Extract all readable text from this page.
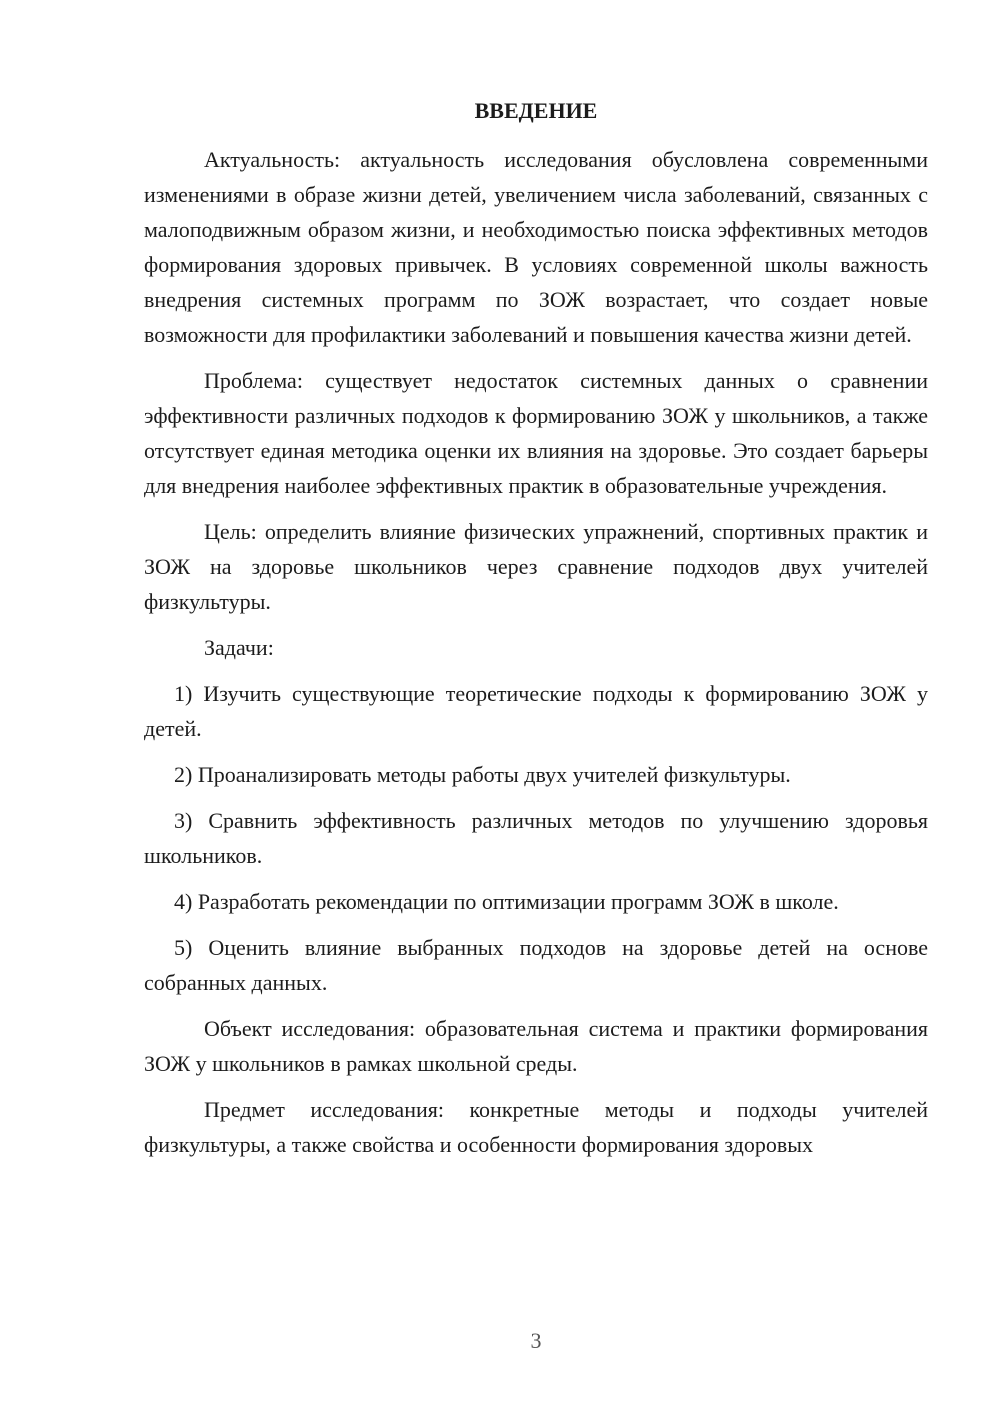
ВВЕДЕНИЕ

Актуальность: актуальность исследования обусловлена современными изменениями в образе жизни детей, увеличением числа заболеваний, связанных с малоподвижным образом жизни, и необходимостью поиска эффективных методов формирования здоровых привычек. В условиях современной школы важность внедрения системных программ по ЗОЖ возрастает, что создает новые возможности для профилактики заболеваний и повышения качества жизни детей.

Проблема: существует недостаток системных данных о сравнении эффективности различных подходов к формированию ЗОЖ у школьников, а также отсутствует единая методика оценки их влияния на здоровье. Это создает барьеры для внедрения наиболее эффективных практик в образовательные учреждения.

Цель: определить влияние физических упражнений, спортивных практик и ЗОЖ на здоровье школьников через сравнение подходов двух учителей физкультуры.

Задачи:

1) Изучить существующие теоретические подходы к формированию ЗОЖ у детей.

2) Проанализировать методы работы двух учителей физкультуры.

3) Сравнить эффективность различных методов по улучшению здоровья школьников.

4) Разработать рекомендации по оптимизации программ ЗОЖ в школе.

5) Оценить влияние выбранных подходов на здоровье детей на основе собранных данных.

Объект исследования: образовательная система и практики формирования ЗОЖ у школьников в рамках школьной среды.

Предмет исследования: конкретные методы и подходы учителей физкультуры, а также свойства и особенности формирования здоровых

3
